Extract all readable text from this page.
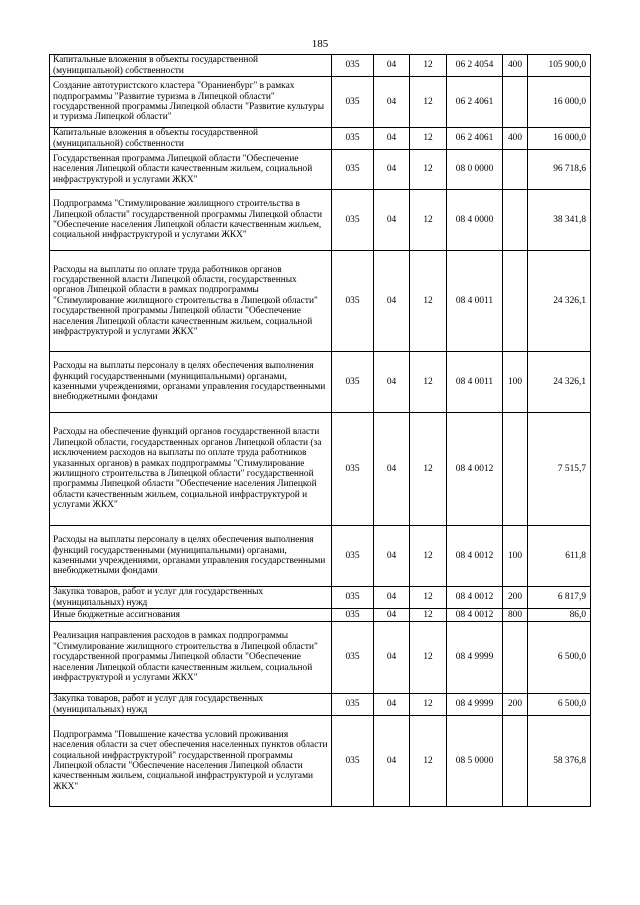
185
Капитальные вложения в объекты государственной (муниципальной) собственности	035	04	12	06 2 4054	400	105 900,0
Создание автотуристского кластера "Ораниенбург" в рамках подпрограммы "Развитие туризма в Липецкой области" государственной программы Липецкой области "Развитие культуры и туризма Липецкой области"	035	04	12	06 2 4061		16 000,0
Капитальные вложения в объекты государственной (муниципальной) собственности	035	04	12	06 2 4061	400	16 000,0
Государственная программа Липецкой области "Обеспечение населения Липецкой области качественным жильем, социальной инфраструктурой и услугами ЖКХ"	035	04	12	08 0 0000		96 718,6
Подпрограмма "Стимулирование жилищного строительства в Липецкой области" государственной программы Липецкой области "Обеспечение населения Липецкой области качественным жильем, социальной инфраструктурой и услугами ЖКХ"	035	04	12	08 4 0000		38 341,8
Расходы на выплаты по оплате труда работников органов государственной власти Липецкой области, государственных органов Липецкой области в рамках подпрограммы "Стимулирование жилищного строительства в Липецкой области" государственной программы Липецкой области "Обеспечение населения Липецкой области качественным жильем, социальной инфраструктурой и услугами ЖКХ"	035	04	12	08 4 0011		24 326,1
Расходы на выплаты персоналу в целях обеспечения выполнения функций государственными (муниципальными) органами, казенными учреждениями, органами управления государственными внебюджетными фондами	035	04	12	08 4 0011	100	24 326,1
Расходы на обеспечение функций органов государственной власти Липецкой области, государственных органов Липецкой области (за исключением расходов на выплаты по оплате труда работников указанных органов) в рамках подпрограммы "Стимулирование жилищного строительства в Липецкой области" государственной программы Липецкой области "Обеспечение населения Липецкой области качественным жильем, социальной инфраструктурой и услугами ЖКХ"	035	04	12	08 4 0012		7 515,7
Расходы на выплаты персоналу в целях обеспечения выполнения функций государственными (муниципальными) органами, казенными учреждениями, органами управления государственными внебюджетными фондами	035	04	12	08 4 0012	100	611,8
Закупка товаров, работ и услуг для государственных (муниципальных) нужд	035	04	12	08 4 0012	200	6 817,9
Иные бюджетные ассигнования	035	04	12	08 4 0012	800	86,0
Реализация направления расходов в рамках подпрограммы "Стимулирование жилищного строительства в Липецкой области" государственной программы Липецкой области "Обеспечение населения Липецкой области качественным жильем, социальной инфраструктурой и услугами ЖКХ"	035	04	12	08 4 9999		6 500,0
Закупка товаров, работ и услуг для государственных (муниципальных) нужд	035	04	12	08 4 9999	200	6 500,0
Подпрограмма "Повышение качества условий проживания населения области за счет обеспечения населенных пунктов области социальной инфраструктурой" государственной программы Липецкой области "Обеспечение населения Липецкой области качественным жильем, социальной инфраструктурой и услугами ЖКХ"	035	04	12	08 5 0000		58 376,8
